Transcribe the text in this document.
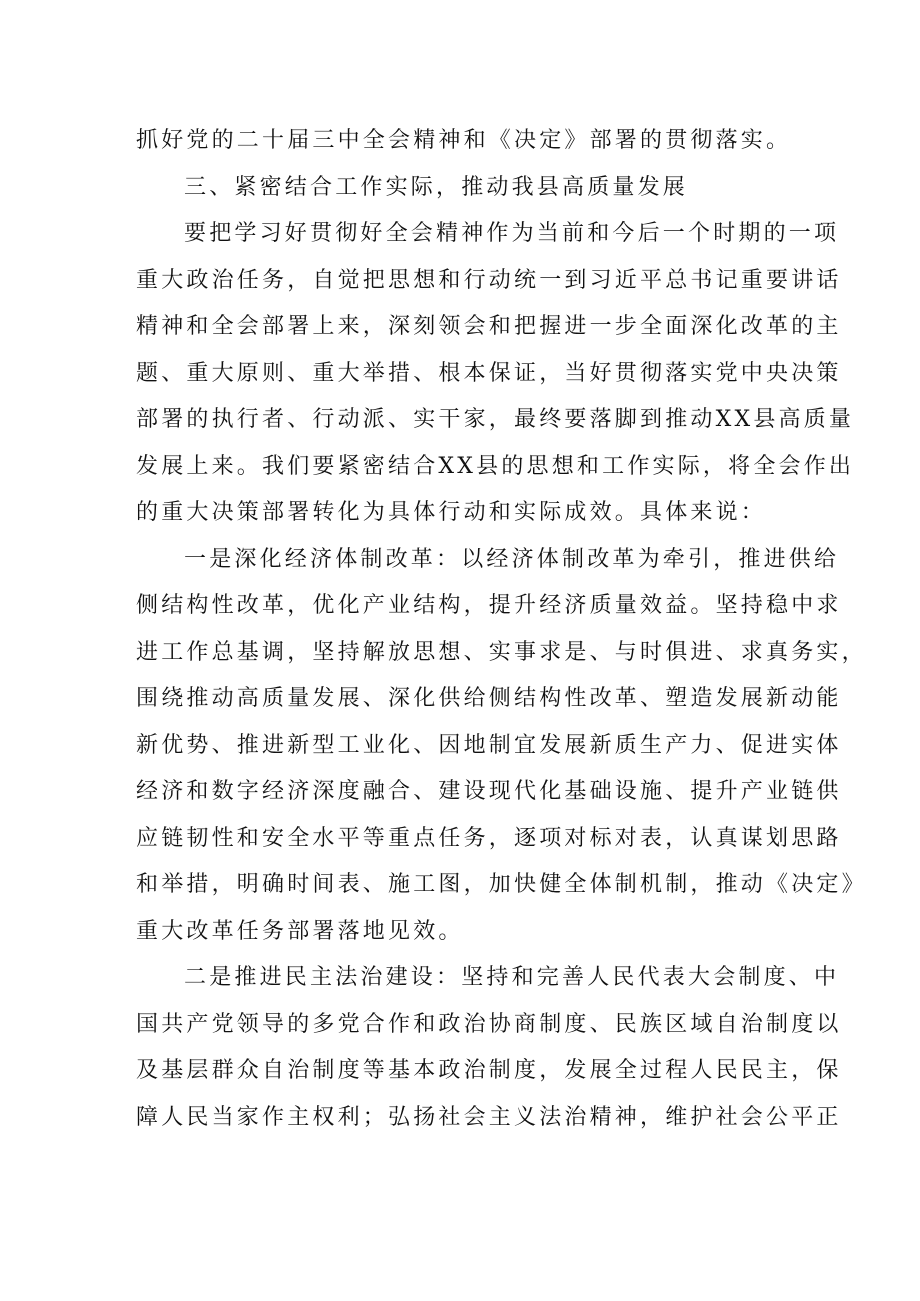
抓好党的二十届三中全会精神和《决定》部署的贯彻落实。
三、紧密结合工作实际，推动我县高质量发展
要把学习好贯彻好全会精神作为当前和今后一个时期的一项
重大政治任务，自觉把思想和行动统一到习近平总书记重要讲话
精神和全会部署上来，深刻领会和把握进一步全面深化改革的主
题、重大原则、重大举措、根本保证，当好贯彻落实党中央决策
部署的执行者、行动派、实干家，最终要落脚到推动XX县高质量
发展上来。我们要紧密结合XX县的思想和工作实际，将全会作出
的重大决策部署转化为具体行动和实际成效。具体来说：
一是深化经济体制改革：以经济体制改革为牵引，推进供给
侧结构性改革，优化产业结构，提升经济质量效益。坚持稳中求
进工作总基调，坚持解放思想、实事求是、与时俱进、求真务实，
围绕推动高质量发展、深化供给侧结构性改革、塑造发展新动能
新优势、推进新型工业化、因地制宜发展新质生产力、促进实体
经济和数字经济深度融合、建设现代化基础设施、提升产业链供
应链韧性和安全水平等重点任务，逐项对标对表，认真谋划思路
和举措，明确时间表、施工图，加快健全体制机制，推动《决定》
重大改革任务部署落地见效。
二是推进民主法治建设：坚持和完善人民代表大会制度、中
国共产党领导的多党合作和政治协商制度、民族区域自治制度以
及基层群众自治制度等基本政治制度，发展全过程人民民主，保
障人民当家作主权利；弘扬社会主义法治精神，维护社会公平正
